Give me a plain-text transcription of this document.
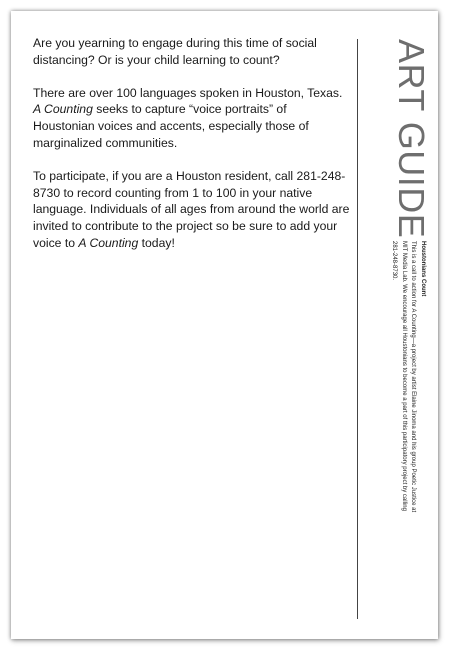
Are you yearning to engage during this time of social distancing? Or is your child learning to count?

There are over 100 languages spoken in Houston, Texas. A Counting seeks to capture “voice portraits” of Houstonian voices and accents, especially those of marginalized communities.

To participate, if you are a Houston resident, call 281-248-8730 to record counting from 1 to 100 in your native language. Individuals of all ages from around the world are invited to contribute to the project so be sure to add your voice to A Counting today!

ART GUIDE
Houstonians Count
This is a call to action for A Counting—a project by artist Elaine Jinoma and his group Poetic Justice at
MIT Media Lab. We encourage all Houstonians to become a part of this participatory project by calling
281-248-8730.
